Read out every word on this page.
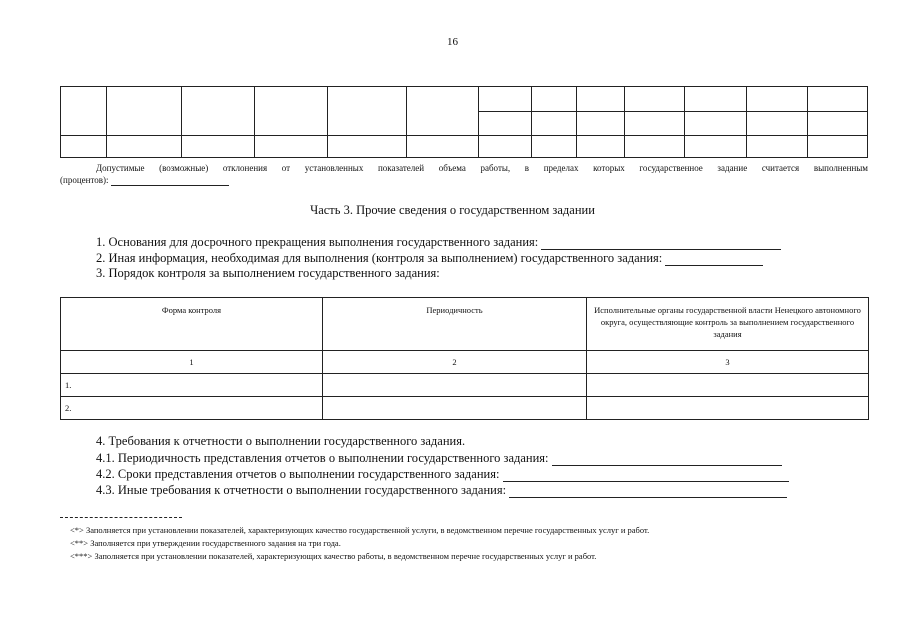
16
Допустимые (возможные) отклонения от установленных показателей объема работы, в пределах которых государственное задание считается выполненным
(процентов):
Часть 3. Прочие сведения о государственном задании
1. Основания для досрочного прекращения выполнения государственного задания:
2. Иная информация, необходимая для выполнения (контроля за выполнением) государственного задания:
3. Порядок контроля за выполнением государственного задания:
Форма контроля	Периодичность	Исполнительные органы государственной власти Ненецкого автономного округа, осуществляющие контроль за выполнением государственного задания
1	2	3
1.		
2.		
4. Требования к отчетности о выполнении государственного задания.
4.1. Периодичность представления отчетов о выполнении государственного задания:
4.2. Сроки представления отчетов о выполнении государственного задания:
4.3. Иные требования к отчетности о выполнении государственного задания:
<*> Заполняется при установлении показателей, характеризующих качество государственной услуги, в ведомственном перечне государственных услуг и работ.
<**> Заполняется при утверждении государственного задания на три года.
<***> Заполняется при установлении показателей, характеризующих качество работы, в ведомственном перечне государственных услуг и работ.
